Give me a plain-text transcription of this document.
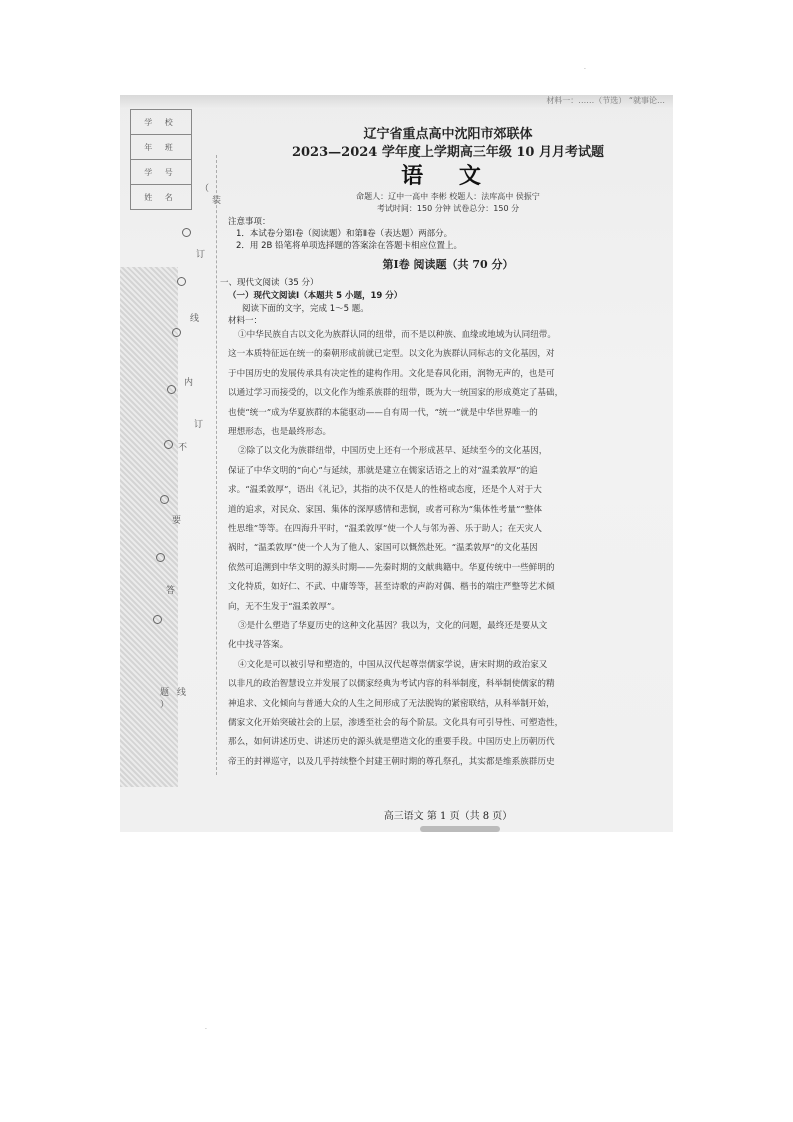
材料一：……（节选） “就事论…
学 校
年 班
学 号
姓 名
（
装
订
线
内
订
不
要
答
题 线
）
辽宁省重点高中沈阳市郊联体
2023—2024 学年度上学期高三年级 10 月月考试题
语 文
命题人：辽中一高中 李彬 校题人：法库高中 侯振宁
考试时间：150 分钟 试卷总分：150 分
注意事项：
1．本试卷分第Ⅰ卷（阅读题）和第Ⅱ卷（表达题）两部分。
2．用 2B 铅笔将单项选择题的答案涂在答题卡相应位置上。
第Ⅰ卷 阅读题（共 70 分）
一、现代文阅读（35 分）
（一）现代文阅读Ⅰ（本题共 5 小题，19 分）
阅读下面的文字，完成 1～5 题。
材料一：
①中华民族自古以文化为族群认同的纽带，而不是以种族、血缘或地域为认同纽带。
这一本质特征远在统一的秦朝形成前就已定型。以文化为族群认同标志的文化基因，对
于中国历史的发展传承具有决定性的建构作用。文化是春风化雨，润物无声的，也是可
以通过学习而接受的，以文化作为维系族群的纽带，既为大一统国家的形成奠定了基础，
也使“统一”成为华夏族群的本能驱动——自有周一代，“统一”就是中华世界唯一的
理想形态，也是最终形态。
②除了以文化为族群纽带，中国历史上还有一个形成甚早、延续至今的文化基因，
保证了中华文明的“向心”与延续，那就是建立在儒家话语之上的对“温柔敦厚”的追
求。“温柔敦厚”，语出《礼记》，其指的决不仅是人的性格或态度，还是个人对于大
道的追求，对民众、家国、集体的深厚感情和悲悯，或者可称为“集体性考量”“整体
性思维”等等。在四海升平时，“温柔敦厚”使一个人与邻为善、乐于助人；在天灾人
祸时，“温柔敦厚”使一个人为了他人、家国可以慨然赴死。“温柔敦厚”的文化基因
依然可追溯到中华文明的源头时期——先秦时期的文献典籍中。华夏传统中一些鲜明的
文化特质，如好仁、不武、中庸等等，甚至诗歌的声韵对偶、楷书的端庄严整等艺术倾
向，无不生发于“温柔敦厚”。
③是什么塑造了华夏历史的这种文化基因？我以为，文化的问题，最终还是要从文
化中找寻答案。
④文化是可以被引导和塑造的，中国从汉代起尊崇儒家学说，唐宋时期的政治家又
以非凡的政治智慧设立并发展了以儒家经典为考试内容的科举制度，科举制使儒家的精
神追求、文化倾向与普通大众的人生之间形成了无法脱钩的紧密联结，从科举制开始，
儒家文化开始突破社会的上层，渗透至社会的每个阶层。文化具有可引导性、可塑造性，
那么，如何讲述历史、讲述历史的源头就是塑造文化的重要手段。中国历史上历朝历代
帝王的封禅巡守，以及几乎持续整个封建王朝时期的尊孔祭孔，其实都是维系族群历史
高三语文 第 1 页（共 8 页）
·
·
